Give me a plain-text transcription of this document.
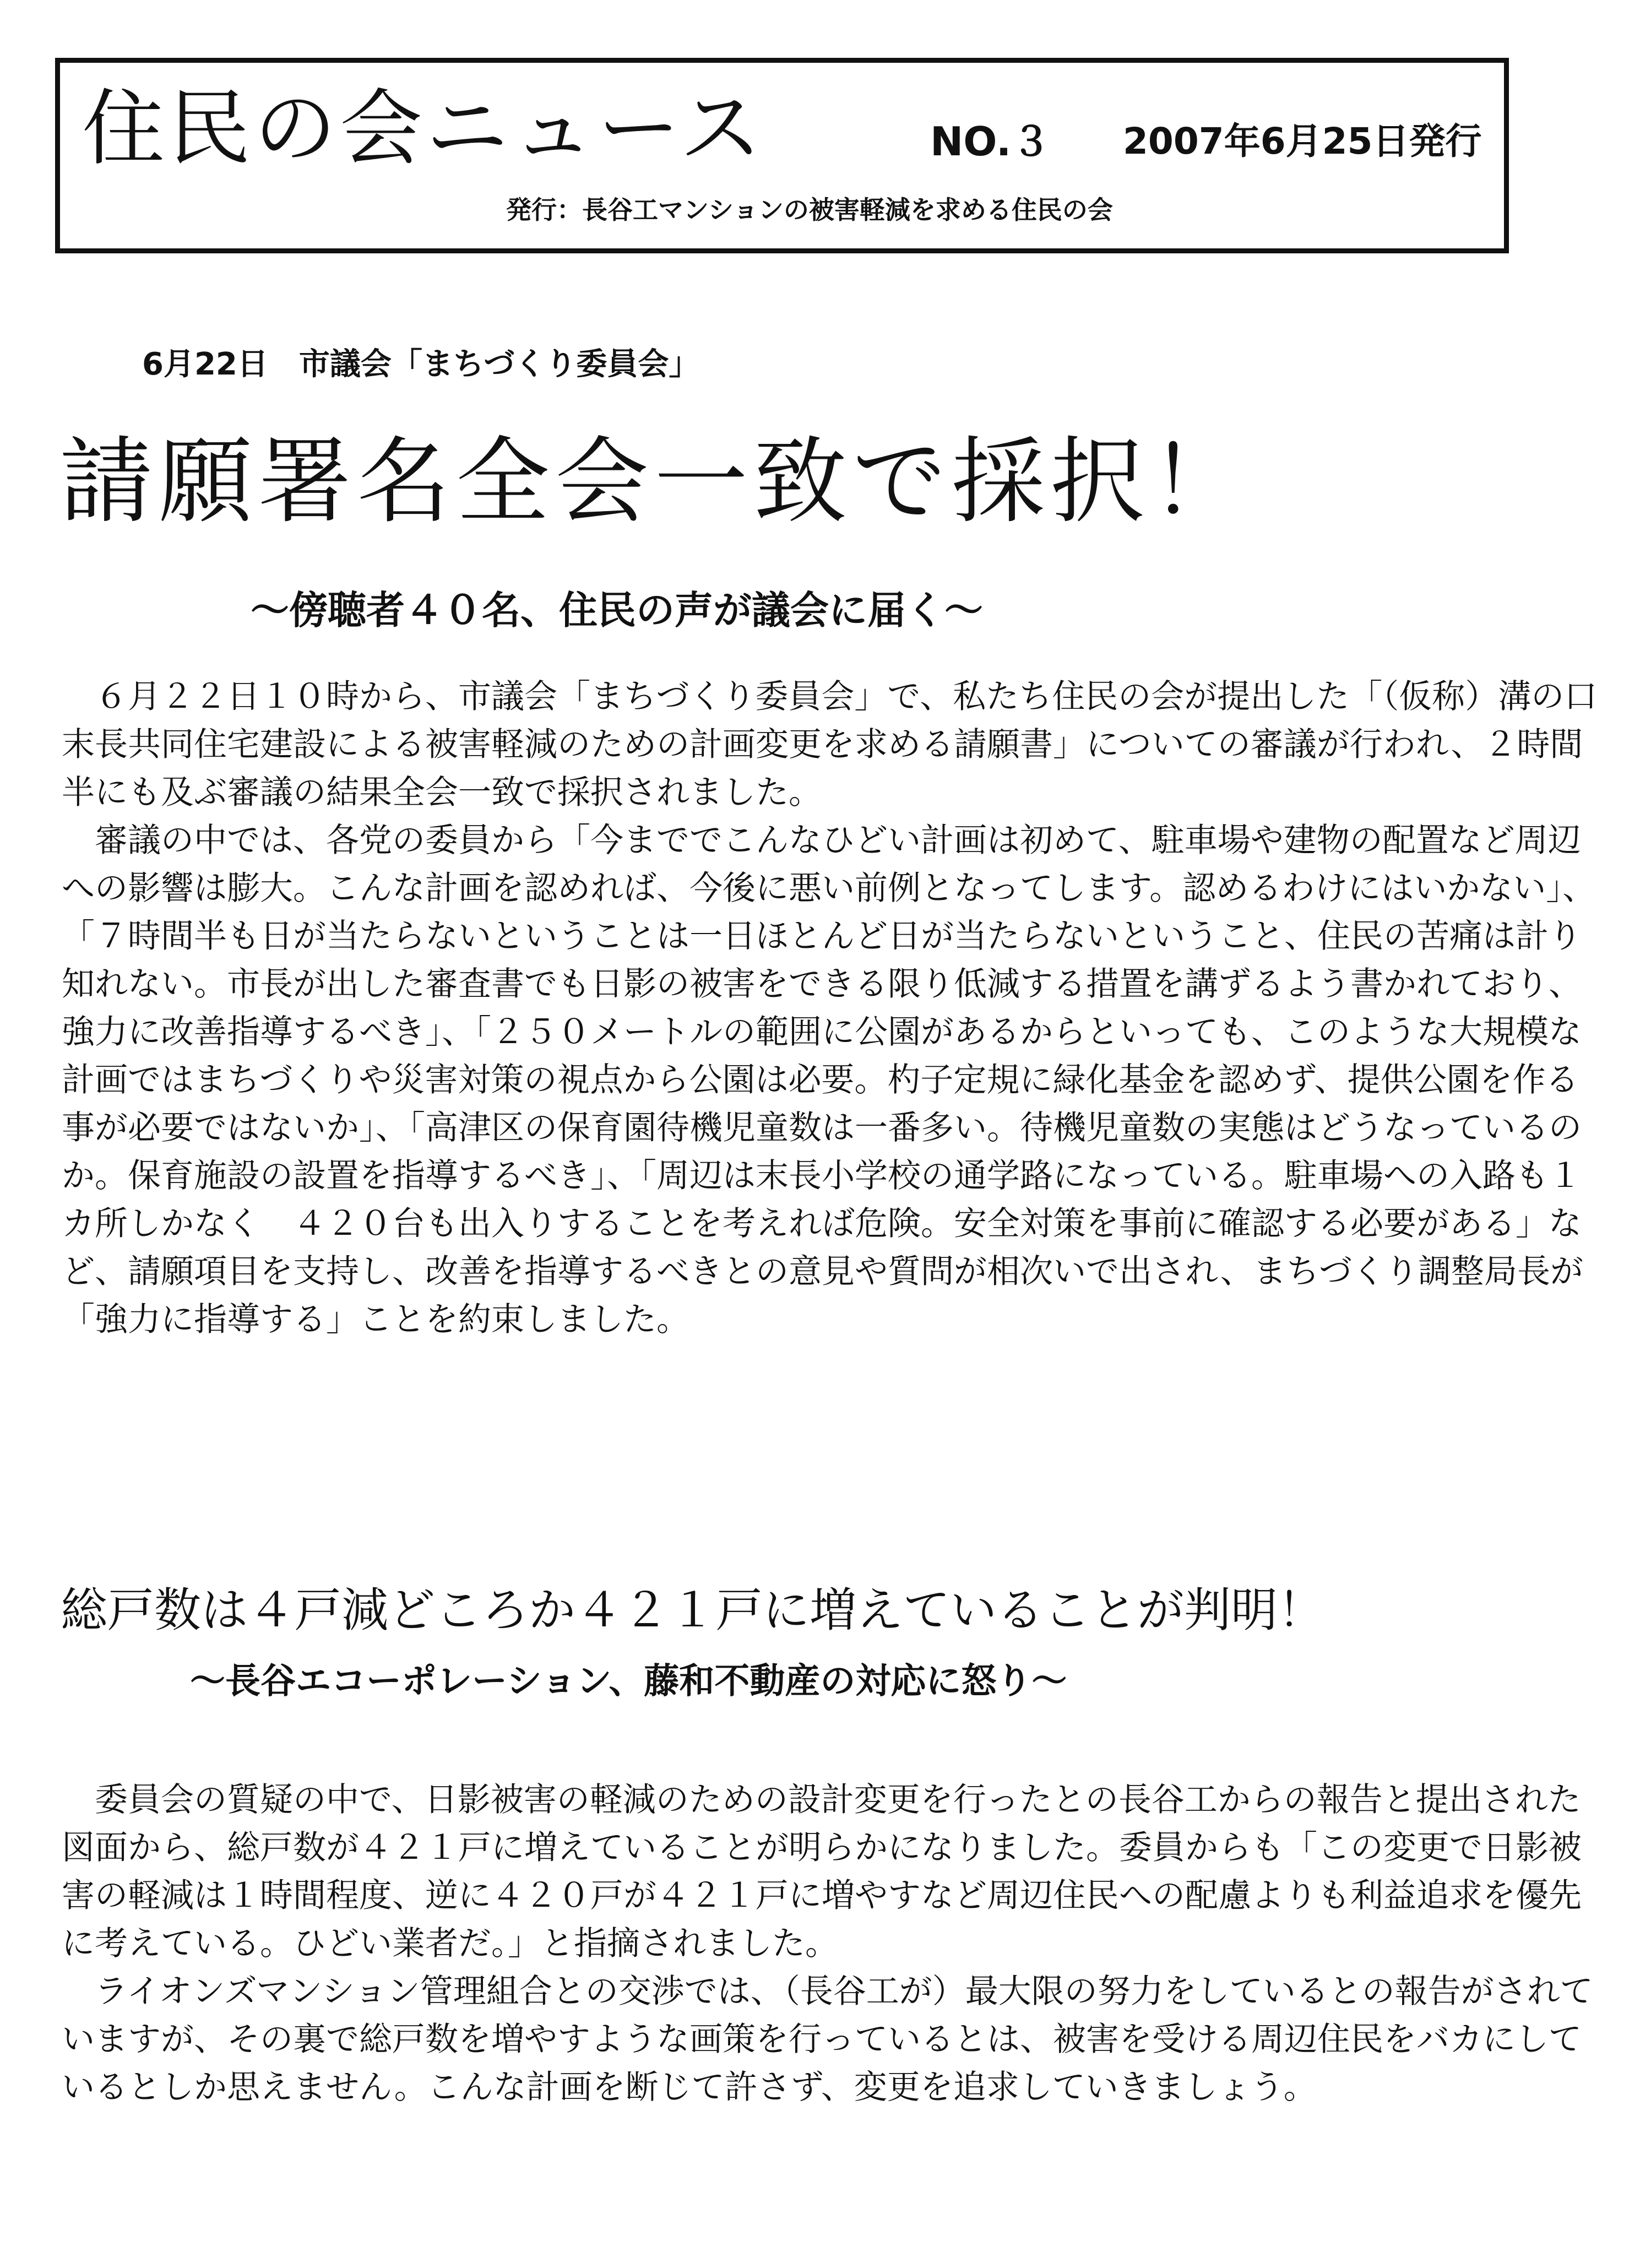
住民の会ニュース	NO.３ 2007年6月25日発行
発行：長谷工マンションの被害軽減を求める住民の会
6月22日　市議会「まちづくり委員会」
請願署名全会一致で採択！
～傍聴者４０名、住民の声が議会に届く～

６月２２日１０時から、市議会「まちづくり委員会」で、私たち住民の会が提出した「（仮称）溝の口末長共同住宅建設による被害軽減のための計画変更を求める請願書」についての審議が行われ、２時間半にも及ぶ審議の結果全会一致で採択されました。

審議の中では、各党の委員から「今まででこんなひどい計画は初めて、駐車場や建物の配置など周辺への影響は膨大。こんな計画を認めれば、今後に悪い前例となってします。認めるわけにはいかない」、「７時間半も日が当たらないということは一日ほとんど日が当たらないということ、住民の苦痛は計り知れない。市長が出した審査書でも日影の被害をできる限り低減する措置を講ずるよう書かれており、強力に改善指導するべき」、「２５０メートルの範囲に公園があるからといっても、このような大規模な計画ではまちづくりや災害対策の視点から公園は必要。杓子定規に緑化基金を認めず、提供公園を作る事が必要ではないか」、「高津区の保育園待機児童数は一番多い。待機児童数の実態はどうなっているのか。保育施設の設置を指導するべき」、「周辺は末長小学校の通学路になっている。駐車場への入路も１カ所しかなく　４２０台も出入りすることを考えれば危険。安全対策を事前に確認する必要がある」など、請願項目を支持し、改善を指導するべきとの意見や質問が相次いで出され、まちづくり調整局長が「強力に指導する」ことを約束しました。

総戸数は４戸減どころか４２１戸に増えていることが判明！
～長谷エコーポレーション、藤和不動産の対応に怒り～

委員会の質疑の中で、日影被害の軽減のための設計変更を行ったとの長谷工からの報告と提出された図面から、総戸数が４２１戸に増えていることが明らかになりました。委員からも「この変更で日影被害の軽減は１時間程度、逆に４２０戸が４２１戸に増やすなど周辺住民への配慮よりも利益追求を優先に考えている。ひどい業者だ。」と指摘されました。

ライオンズマンション管理組合との交渉では、（長谷工が）最大限の努力をしているとの報告がされていますが、その裏で総戸数を増やすような画策を行っているとは、被害を受ける周辺住民をバカにしているとしか思えません。こんな計画を断じて許さず、変更を追求していきましょう。
